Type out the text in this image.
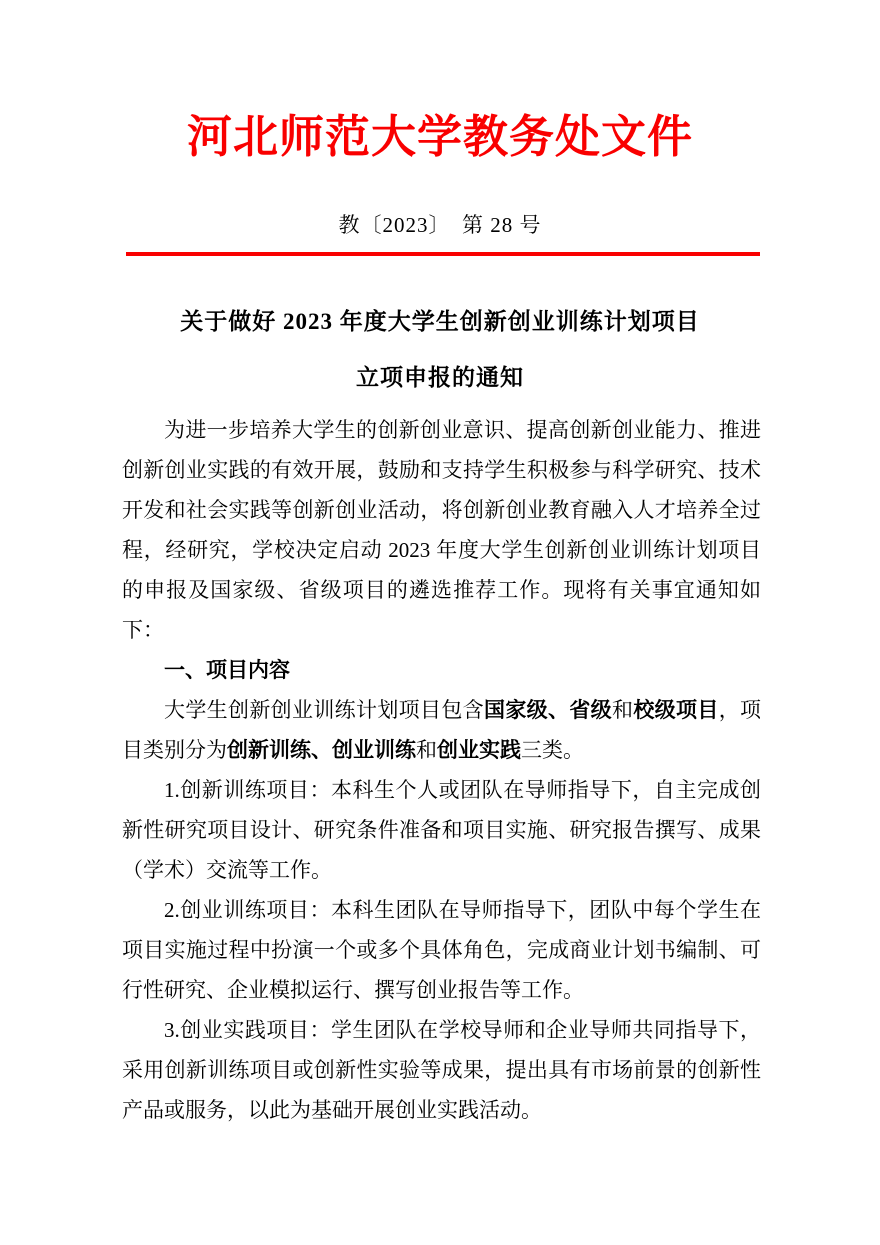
河北师范大学教务处文件
教〔2023〕　第 28 号
关于做好 2023 年度大学生创新创业训练计划项目
立项申报的通知

为进一步培养大学生的创新创业意识、提高创新创业能力、推进创新创业实践的有效开展，鼓励和支持学生积极参与科学研究、技术开发和社会实践等创新创业活动，将创新创业教育融入人才培养全过程，经研究，学校决定启动 2023 年度大学生创新创业训练计划项目的申报及国家级、省级项目的遴选推荐工作。现将有关事宜通知如下：

一、项目内容

大学生创新创业训练计划项目包含国家级、省级和校级项目，项目类别分为创新训练、创业训练和创业实践三类。

1.创新训练项目：本科生个人或团队在导师指导下，自主完成创新性研究项目设计、研究条件准备和项目实施、研究报告撰写、成果（学术）交流等工作。

2.创业训练项目：本科生团队在导师指导下，团队中每个学生在项目实施过程中扮演一个或多个具体角色，完成商业计划书编制、可行性研究、企业模拟运行、撰写创业报告等工作。

3.创业实践项目：学生团队在学校导师和企业导师共同指导下，采用创新训练项目或创新性实验等成果，提出具有市场前景的创新性产品或服务，以此为基础开展创业实践活动。
